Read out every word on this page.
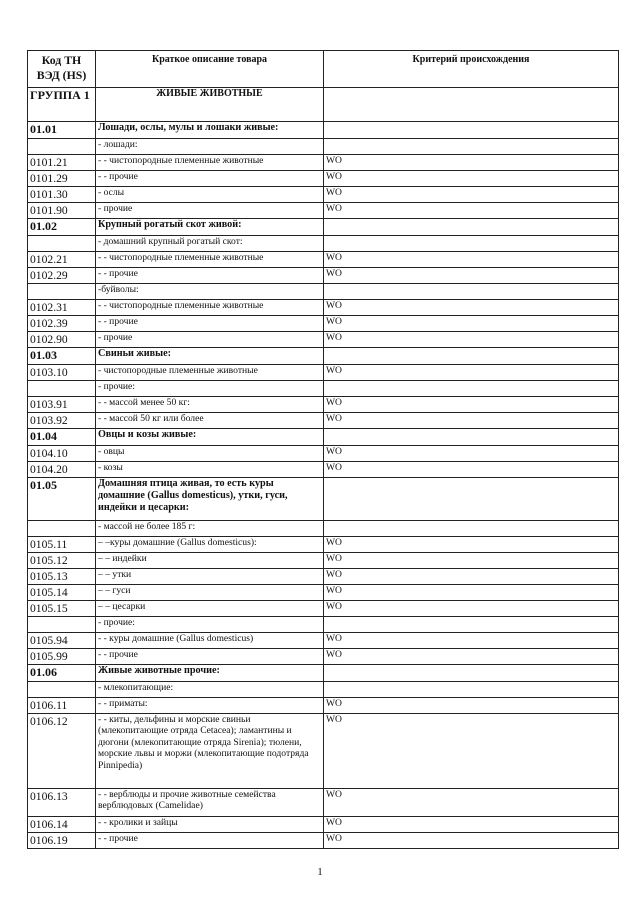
Код ТН ВЭД (HS)	Краткое описание товара	Критерий происхождения
ГРУППА 1	ЖИВЫЕ ЖИВОТНЫЕ	
01.01	Лошади, ослы, мулы и лошаки живые:	
	- лошади:	
0101.21	- - чистопородные племенные животные	WO
0101.29	- - прочие	WO
0101.30	- ослы	WO
0101.90	- прочие	WO
01.02	Крупный рогатый скот живой:	
	- домашний крупный рогатый скот:	
0102.21	- - чистопородные племенные животные	WO
0102.29	- - прочие	WO
	-буйволы:	
0102.31	- - чистопородные племенные животные	WO
0102.39	- - прочие	WO
0102.90	- прочие	WO
01.03	Свиньи живые:	
0103.10	- чистопородные племенные животные	WO
	- прочие:	
0103.91	- - массой менее 50 кг:	WO
0103.92	- - массой 50 кг или более	WO
01.04	Овцы и козы живые:	
0104.10	- овцы	WO
0104.20	- козы	WO
01.05	Домашняя птица живая, то есть куры домашние (Gallus domesticus), утки, гуси, индейки и цесарки:	
	- массой не более 185 г:	
0105.11	– –куры домашние (Gallus domesticus):	WO
0105.12	– – индейки	WO
0105.13	– – утки	WO
0105.14	– – гуси	WO
0105.15	– – цесарки	WO
	- прочие:	
0105.94	- - куры домашние (Gallus domesticus)	WO
0105.99	- - прочие	WO
01.06	Живые животные прочие:	
	- млекопитающие:	
0106.11	- - приматы:	WO
0106.12	- - киты, дельфины и морские свиньи (млекопитающие отряда Cetacea); ламантины и дюгони (млекопитающие отряда Sirenia); тюлени, морские львы и моржи (млекопитающие подотряда Pinnipedia)	WO
0106.13	- - верблюды и прочие животные семейства верблюдовых (Camelidae)	WO
0106.14	- - кролики и зайцы	WO
0106.19	- - прочие	WO
1
